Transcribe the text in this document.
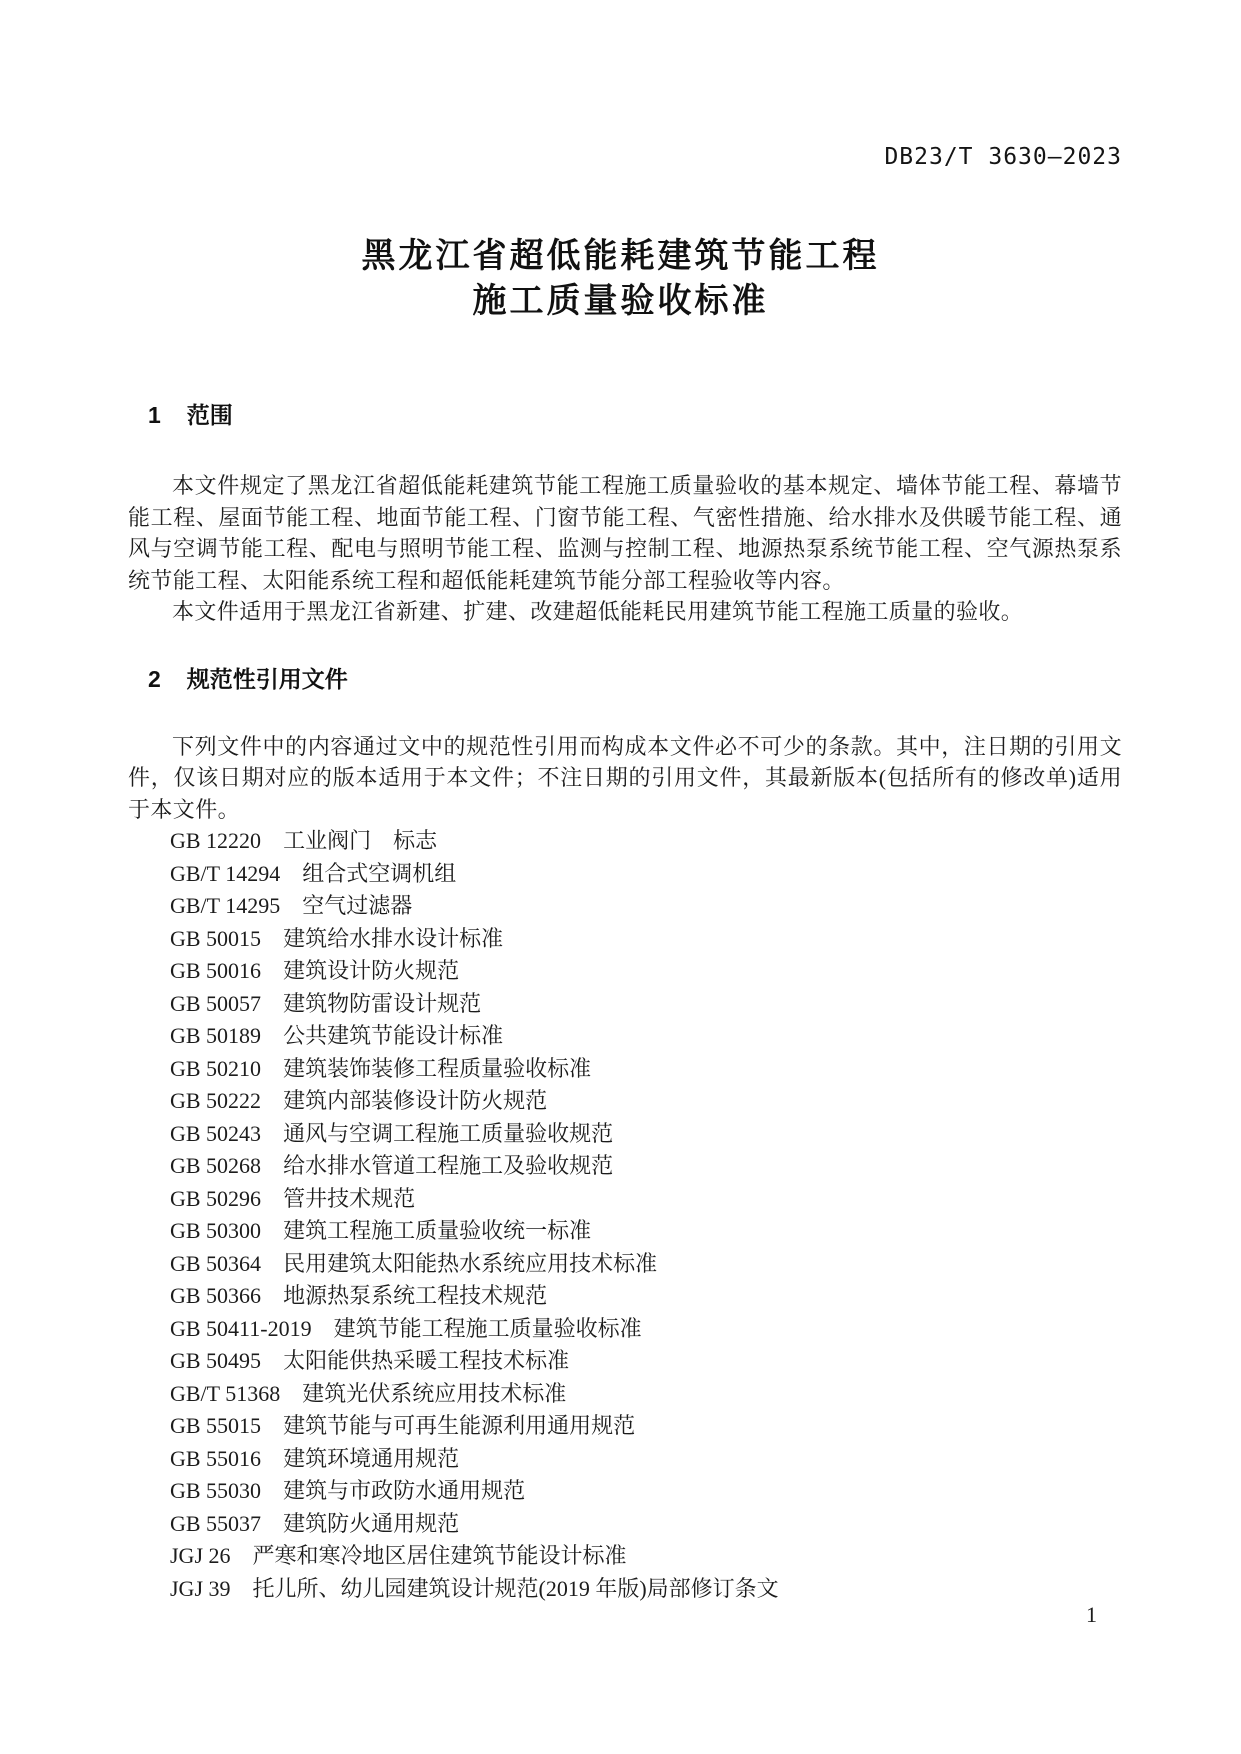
DB23/T 3630—2023
黑龙江省超低能耗建筑节能工程
施工质量验收标准
1 范围

本文件规定了黑龙江省超低能耗建筑节能工程施工质量验收的基本规定、墙体节能工程、幕墙节能工程、屋面节能工程、地面节能工程、门窗节能工程、气密性措施、给水排水及供暖节能工程、通风与空调节能工程、配电与照明节能工程、监测与控制工程、地源热泵系统节能工程、空气源热泵系统节能工程、太阳能系统工程和超低能耗建筑节能分部工程验收等内容。

本文件适用于黑龙江省新建、扩建、改建超低能耗民用建筑节能工程施工质量的验收。

2 规范性引用文件

下列文件中的内容通过文中的规范性引用而构成本文件必不可少的条款。其中，注日期的引用文件，仅该日期对应的版本适用于本文件；不注日期的引用文件，其最新版本(包括所有的修改单)适用于本文件。

GB 12220 工业阀门　标志
GB/T 14294 组合式空调机组
GB/T 14295 空气过滤器
GB 50015 建筑给水排水设计标准
GB 50016 建筑设计防火规范
GB 50057 建筑物防雷设计规范
GB 50189 公共建筑节能设计标准
GB 50210 建筑装饰装修工程质量验收标准
GB 50222 建筑内部装修设计防火规范
GB 50243 通风与空调工程施工质量验收规范
GB 50268 给水排水管道工程施工及验收规范
GB 50296 管井技术规范
GB 50300 建筑工程施工质量验收统一标准
GB 50364 民用建筑太阳能热水系统应用技术标准
GB 50366 地源热泵系统工程技术规范
GB 50411-2019 建筑节能工程施工质量验收标准
GB 50495 太阳能供热采暖工程技术标准
GB/T 51368 建筑光伏系统应用技术标准
GB 55015 建筑节能与可再生能源利用通用规范
GB 55016 建筑环境通用规范
GB 55030 建筑与市政防水通用规范
GB 55037 建筑防火通用规范
JGJ 26 严寒和寒冷地区居住建筑节能设计标准
JGJ 39 托儿所、幼儿园建筑设计规范(2019 年版)局部修订条文
1
